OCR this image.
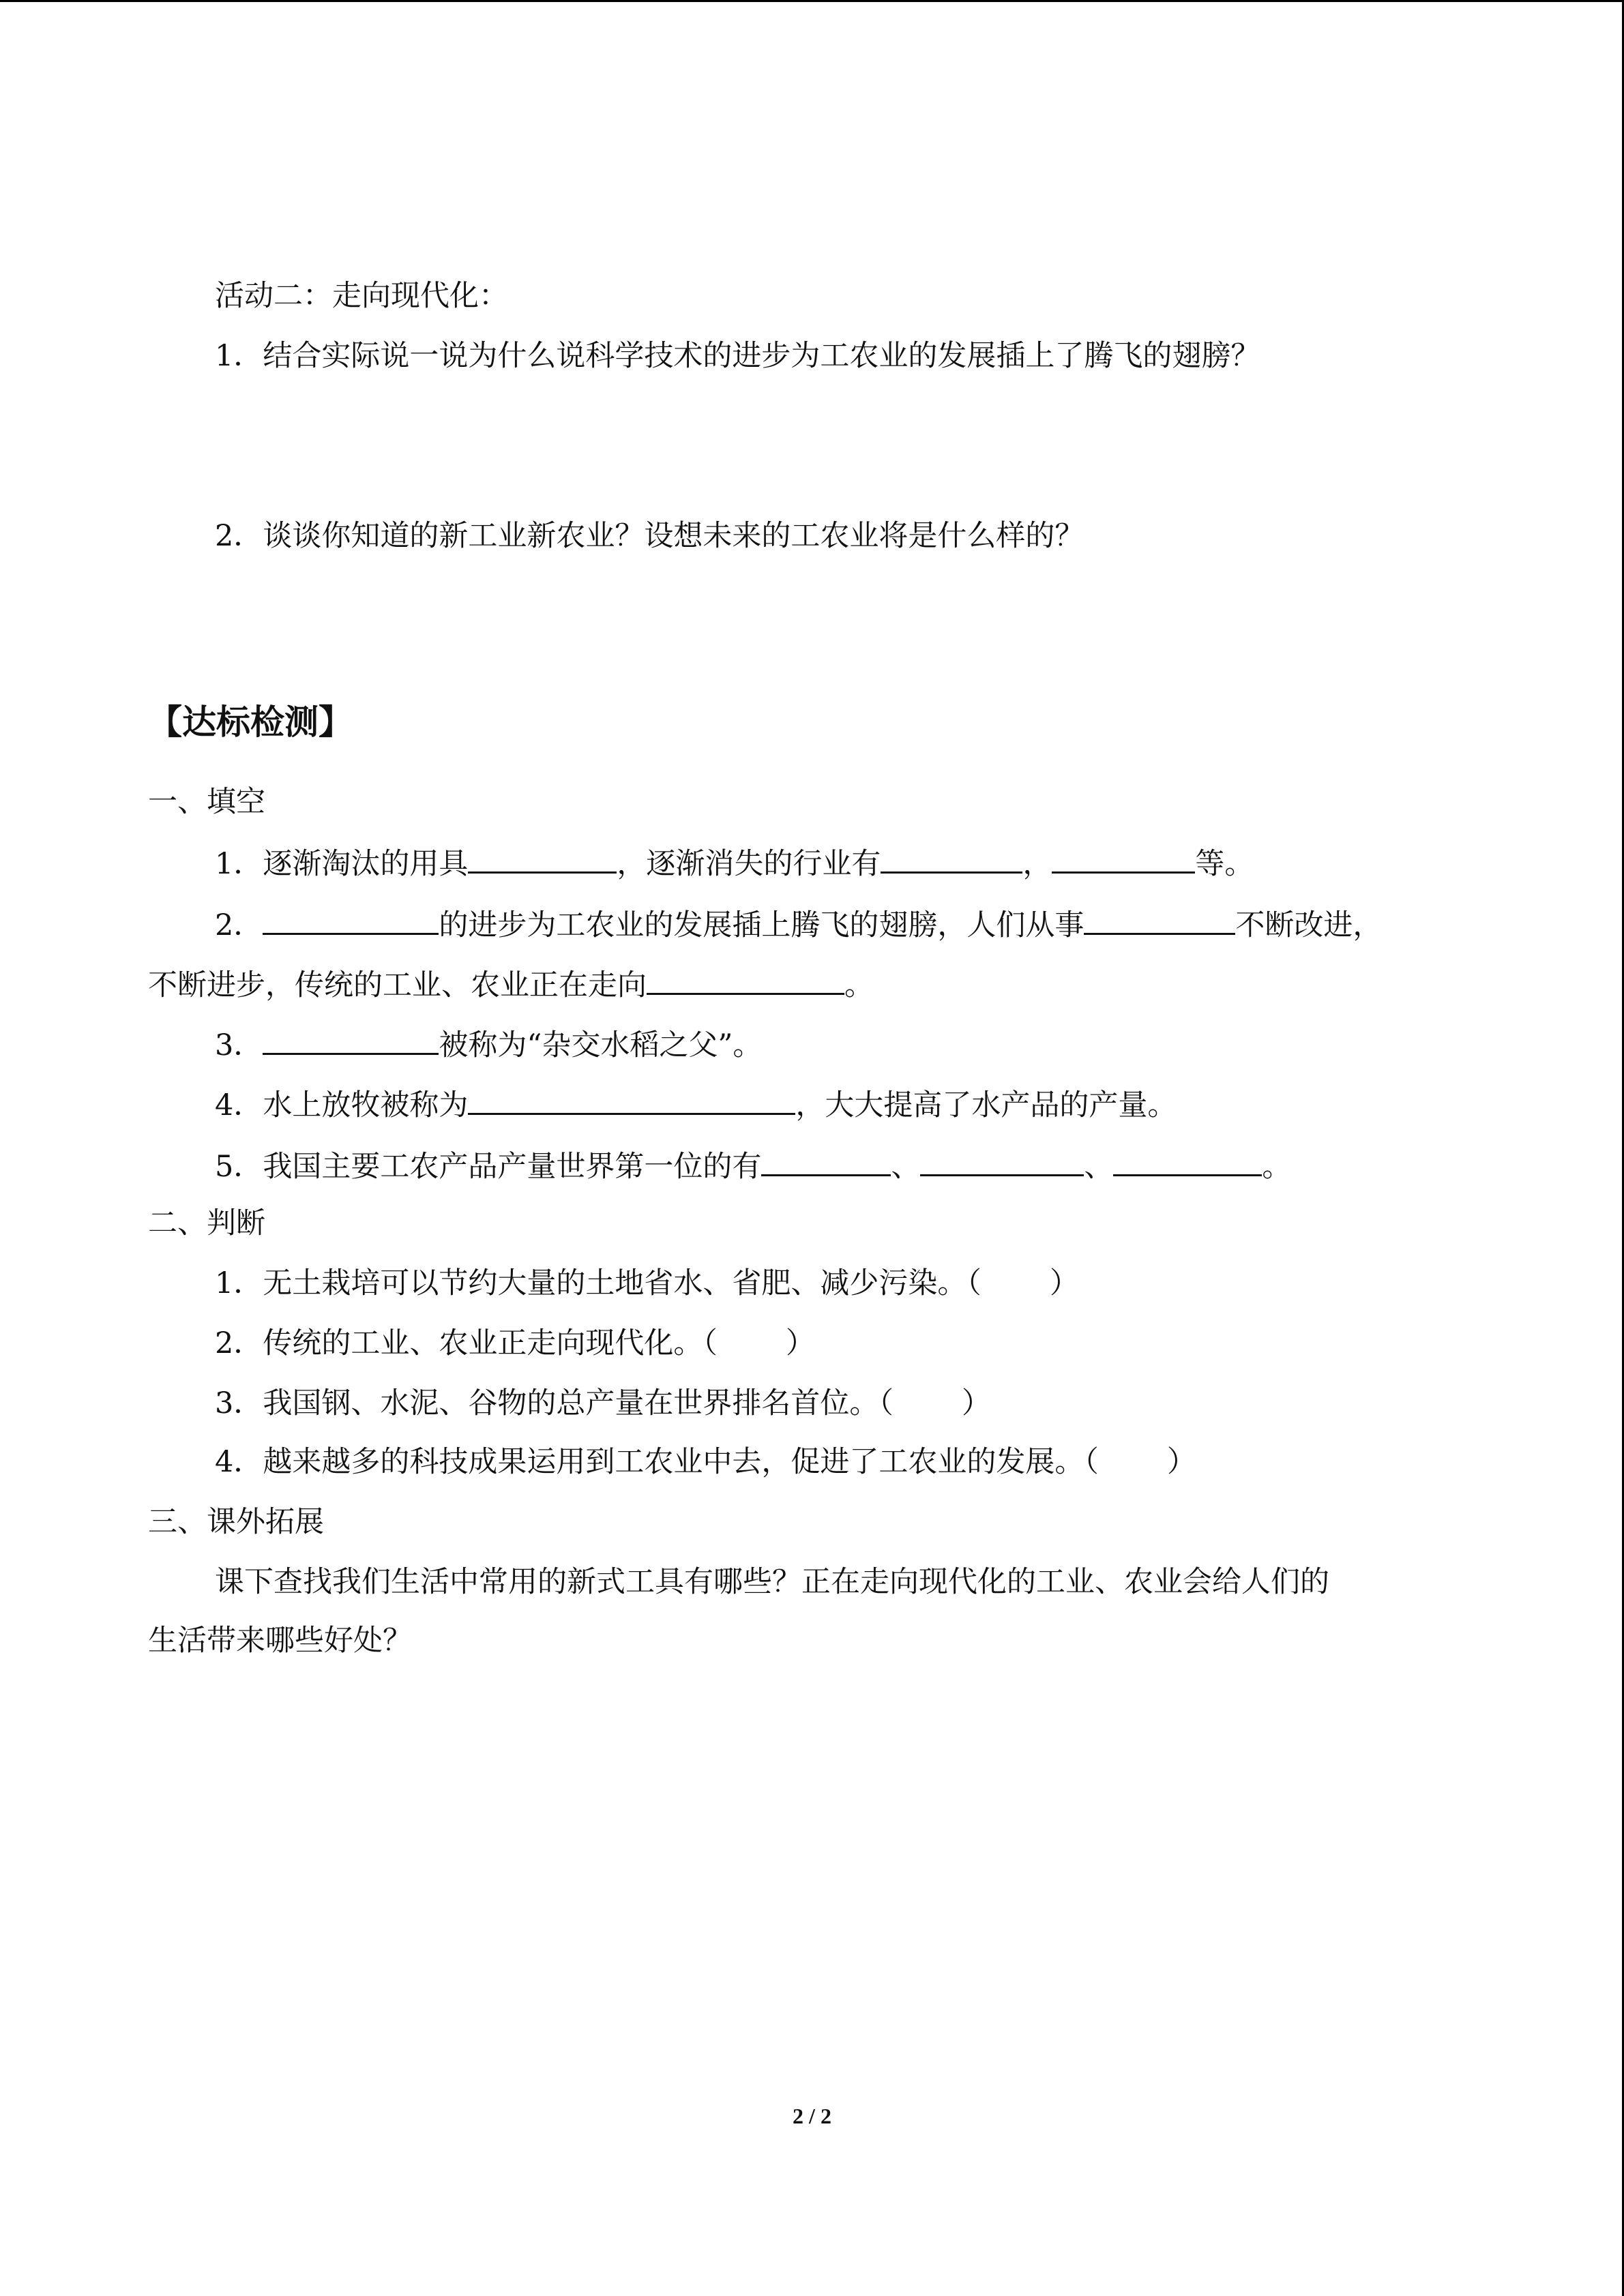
活动二：走向现代化：
1．结合实际说一说为什么说科学技术的进步为工农业的发展插上了腾飞的翅膀？
2．谈谈你知道的新工业新农业？设想未来的工农业将是什么样的？
【达标检测】
一、填空
1．逐渐淘汰的用具	，逐渐消失的行业有	，	等。
2．	的进步为工农业的发展插上腾飞的翅膀，人们从事	不断改进，
不断进步，传统的工业、农业正在走向	。
3．	被称为“杂交水稻之父”。
4．水上放牧被称为	，大大提高了水产品的产量。
5．我国主要工农产品产量世界第一位的有	、	、	。
二、判断
1．无土栽培可以节约大量的土地省水、省肥、减少污染。（ ）
2．传统的工业、农业正走向现代化。（ ）
3．我国钢、水泥、谷物的总产量在世界排名首位。（ ）
4．越来越多的科技成果运用到工农业中去，促进了工农业的发展。（ ）
三、课外拓展
课下查找我们生活中常用的新式工具有哪些？正在走向现代化的工业、农业会给人们的
生活带来哪些好处？
2 / 2
